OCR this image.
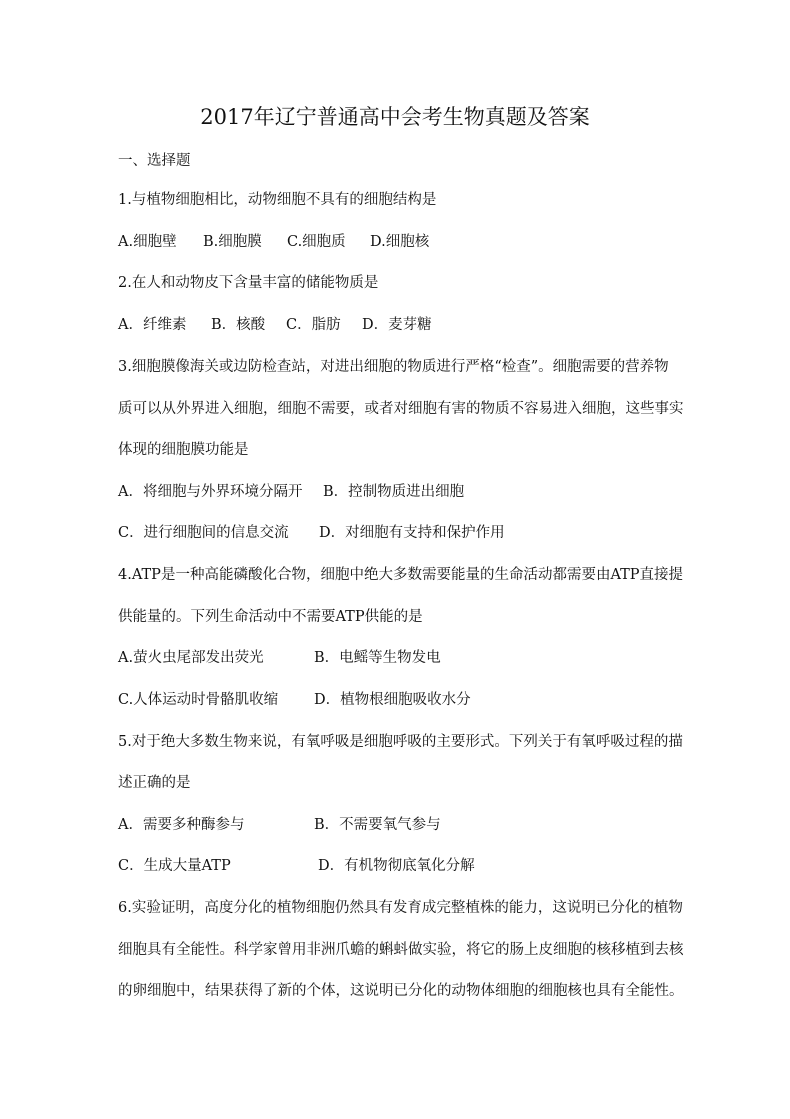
2017年辽宁普通高中会考生物真题及答案
一、选择题
1.与植物细胞相比，动物细胞不具有的细胞结构是
A.细胞壁 B.细胞膜 C.细胞质 D.细胞核
2.在人和动物皮下含量丰富的储能物质是
A．纤维素 B．核酸 C．脂肪 D．麦芽糖
3.细胞膜像海关或边防检查站，对进出细胞的物质进行严格“检查”。细胞需要的营养物
质可以从外界进入细胞，细胞不需要，或者对细胞有害的物质不容易进入细胞，这些事实
体现的细胞膜功能是
A．将细胞与外界环境分隔开 B．控制物质进出细胞
C．进行细胞间的信息交流 D．对细胞有支持和保护作用
4.ATP是一种高能磷酸化合物，细胞中绝大多数需要能量的生命活动都需要由ATP直接提
供能量的。下列生命活动中不需要ATP供能的是
A.萤火虫尾部发出荧光	B．电鳐等生物发电
C.人体运动时骨骼肌收缩 D．植物根细胞吸收水分
5.对于绝大多数生物来说，有氧呼吸是细胞呼吸的主要形式。下列关于有氧呼吸过程的描
述正确的是
A．需要多种酶参与	B．不需要氧气参与
C．生成大量ATP	D．有机物彻底氧化分解
6.实验证明，高度分化的植物细胞仍然具有发育成完整植株的能力，这说明已分化的植物
细胞具有全能性。科学家曾用非洲爪蟾的蝌蚪做实验，将它的肠上皮细胞的核移植到去核
的卵细胞中，结果获得了新的个体，这说明已分化的动物体细胞的细胞核也具有全能性。
